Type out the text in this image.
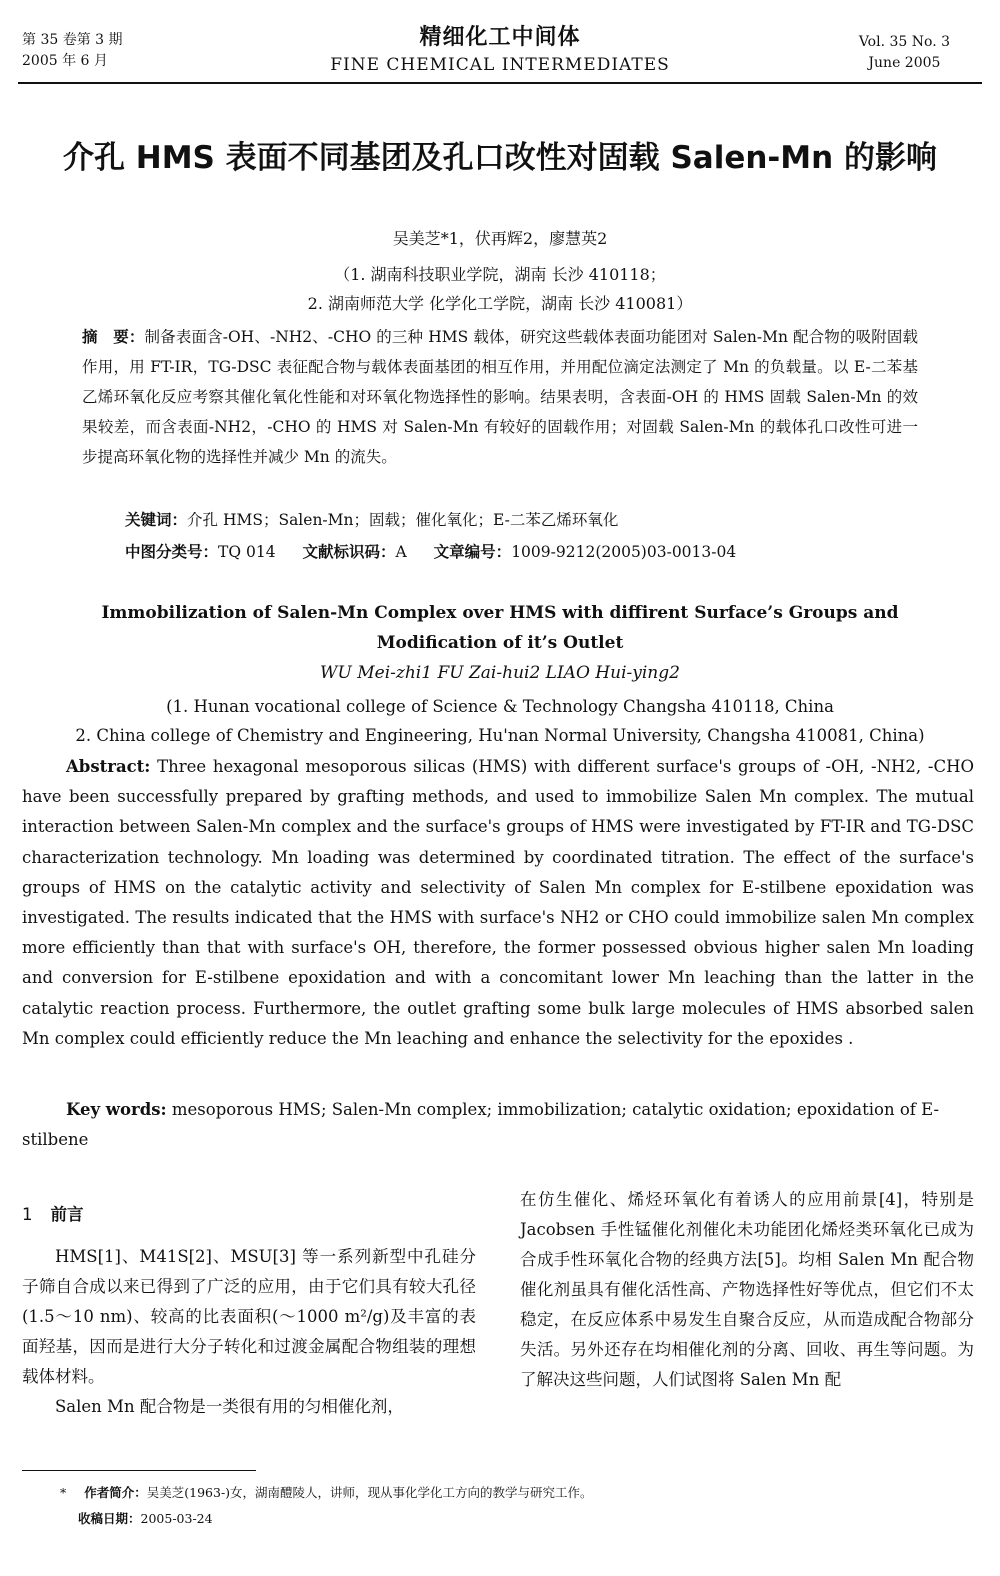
第 35 卷第 3 期
2005 年 6 月
精细化工中间体
FINE CHEMICAL INTERMEDIATES
Vol. 35 No. 3
June 2005
介孔 HMS 表面不同基团及孔口改性对固载 Salen-Mn 的影响
吴美芝*1，伏再辉2，廖慧英2
（1. 湖南科技职业学院，湖南 长沙 410118；
2. 湖南师范大学 化学化工学院，湖南 长沙 410081）
摘　要：制备表面含-OH、-NH2、-CHO 的三种 HMS 载体，研究这些载体表面功能团对 Salen-Mn 配合物的吸附固载作用，用 FT-IR，TG-DSC 表征配合物与载体表面基团的相互作用，并用配位滴定法测定了 Mn 的负载量。以 E-二苯基乙烯环氧化反应考察其催化氧化性能和对环氧化物选择性的影响。结果表明，含表面-OH 的 HMS 固载 Salen-Mn 的效果较差，而含表面-NH2，-CHO 的 HMS 对 Salen-Mn 有较好的固载作用；对固载 Salen-Mn 的载体孔口改性可进一步提高环氧化物的选择性并减少 Mn 的流失。
关键词：介孔 HMS；Salen-Mn；固载；催化氧化；E-二苯乙烯环氧化
中图分类号：TQ 014 文献标识码：A 文章编号：1009-9212(2005)03-0013-04
Immobilization of Salen-Mn Complex over HMS with diffirent Surface’s Groups and
Modification of it’s Outlet
WU Mei-zhi1 FU Zai-hui2 LIAO Hui-ying2
(1. Hunan vocational college of Science & Technology Changsha 410118, China
2. China college of Chemistry and Engineering, Hu'nan Normal University, Changsha 410081, China)
Abstract: Three hexagonal mesoporous silicas (HMS) with different surface's groups of -OH, -NH2, -CHO have been successfully prepared by grafting methods, and used to immobilize Salen Mn complex. The mutual interaction between Salen-Mn complex and the surface's groups of HMS were investigated by FT-IR and TG-DSC characterization technology. Mn loading was determined by coordinated titration. The effect of the surface's groups of HMS on the catalytic activity and selectivity of Salen Mn complex for E-stilbene epoxidation was investigated. The results indicated that the HMS with surface's NH2 or CHO could immobilize salen Mn complex more efficiently than that with surface's OH, therefore, the former possessed obvious higher salen Mn loading and conversion for E-stilbene epoxidation and with a concomitant lower Mn leaching than the latter in the catalytic reaction process. Furthermore, the outlet grafting some bulk large molecules of HMS absorbed salen Mn complex could efficiently reduce the Mn leaching and enhance the selectivity for the epoxides .
Key words: mesoporous HMS; Salen-Mn complex; immobilization; catalytic oxidation; epoxidation of E-stilbene
1 前言

HMS[1]、M41S[2]、MSU[3] 等一系列新型中孔硅分子筛自合成以来已得到了广泛的应用，由于它们具有较大孔径(1.5～10 nm)、较高的比表面积(～1000 m²/g)及丰富的表面羟基，因而是进行大分子转化和过渡金属配合物组装的理想载体材料。

Salen Mn 配合物是一类很有用的匀相催化剂，

在仿生催化、烯烃环氧化有着诱人的应用前景[4]，特别是 Jacobsen 手性锰催化剂催化未功能团化烯烃类环氧化已成为合成手性环氧化合物的经典方法[5]。均相 Salen Mn 配合物催化剂虽具有催化活性高、产物选择性好等优点，但它们不太稳定，在反应体系中易发生自聚合反应，从而造成配合物部分失活。另外还存在均相催化剂的分离、回收、再生等问题。为了解决这些问题，人们试图将 Salen Mn 配

* 作者简介：吴美芝(1963-)女，湖南醴陵人，讲师，现从事化学化工方向的教学与研究工作。
收稿日期：2005-03-24
